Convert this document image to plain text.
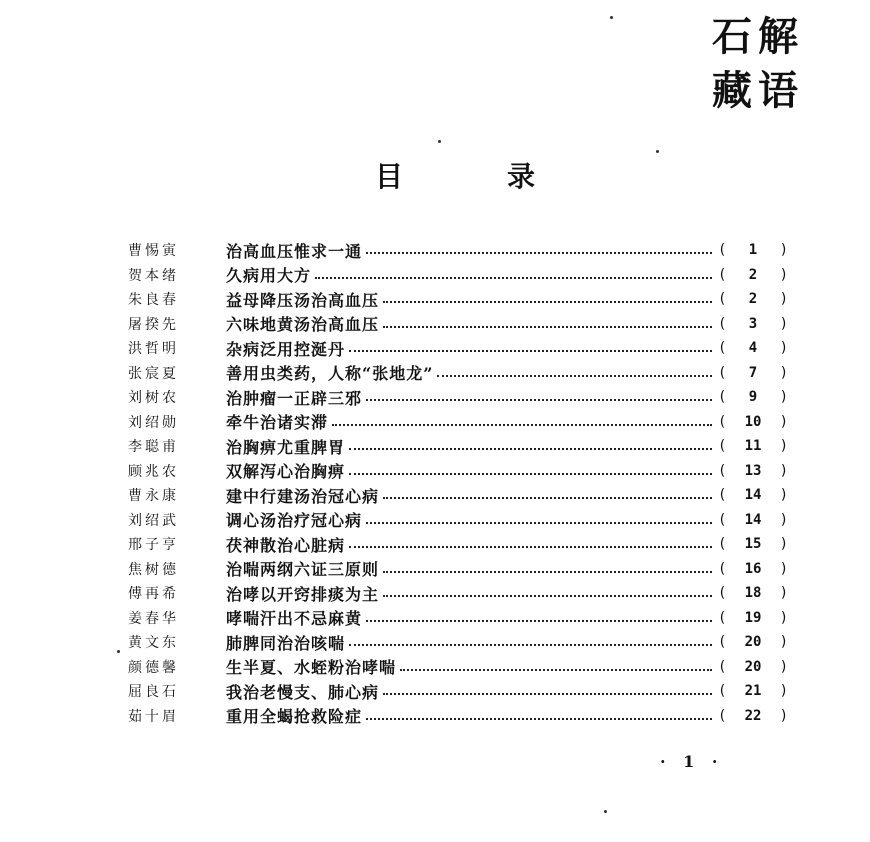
石解
藏语
目	录
曹惕寅	治高血压惟求一通	(	1	)
贺本绪	久病用大方	(	2	)
朱良春	益母降压汤治高血压	(	2	)
屠揆先	六味地黄汤治高血压	(	3	)
洪哲明	杂病泛用控涎丹	(	4	)
张宸夏	善用虫类药，人称“张地龙”	(	7	)
刘树农	治肿瘤一正辟三邪	(	9	)
刘绍勋	牵牛治诸实滞	(	10	)
李聪甫	治胸痹尤重脾胃	(	11	)
顾兆农	双解泻心治胸痹	(	13	)
曹永康	建中行建汤治冠心病	(	14	)
刘绍武	调心汤治疗冠心病	(	14	)
邢子亨	茯神散治心脏病	(	15	)
焦树德	治喘两纲六证三原则	(	16	)
傅再希	治哮以开窍排痰为主	(	18	)
姜春华	哮喘汗出不忌麻黄	(	19	)
黄文东	肺脾同治治咳喘	(	20	)
颜德馨	生半夏、水蛭粉治哮喘	(	20	)
屈良石	我治老慢支、肺心病	(	21	)
茹十眉	重用全蝎抢救险症	(	22	)
· 1 ·
